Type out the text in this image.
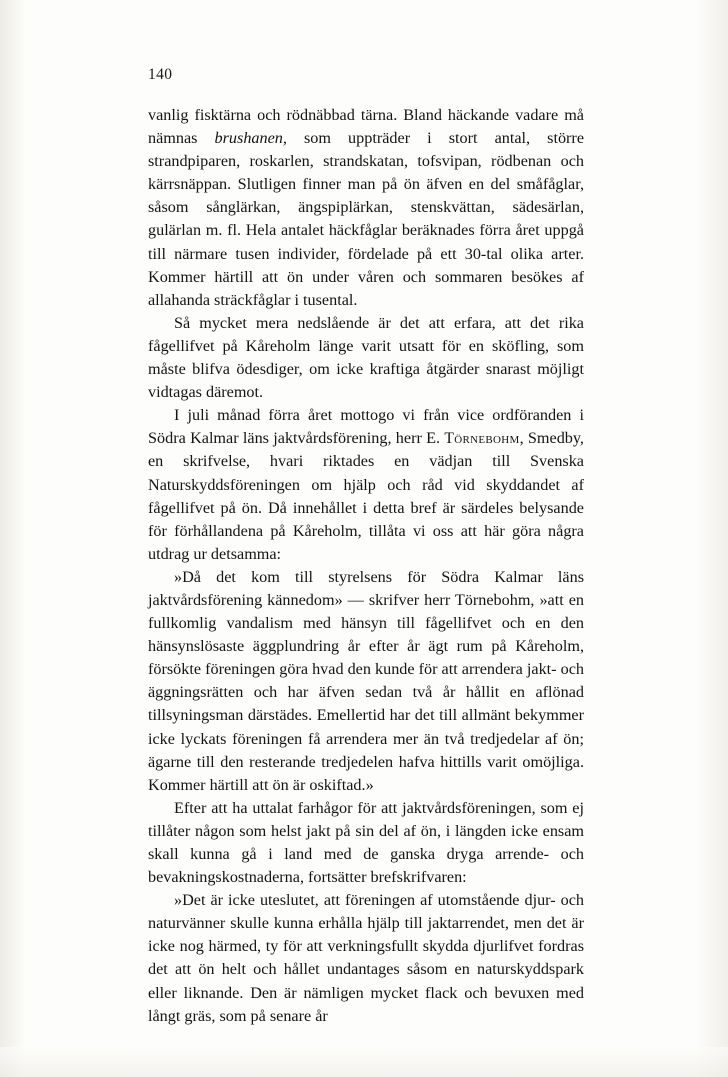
140

vanlig fisktärna och rödnäbbad tärna. Bland häckande vadare må nämnas brushanen, som uppträder i stort antal, större strandpiparen, roskarlen, strandskatan, tofsvipan, rödbenan och kärrsnäppan. Slutligen finner man på ön äfven en del småfåglar, såsom sånglärkan, ängspiplärkan, stenskvättan, sädesärlan, gulärlan m. fl. Hela antalet häckfåglar beräknades förra året uppgå till närmare tusen individer, fördelade på ett 30-tal olika arter. Kommer härtill att ön under våren och sommaren besökes af allahanda sträckfåglar i tusental.

Så mycket mera nedslående är det att erfara, att det rika fågellifvet på Kåreholm länge varit utsatt för en sköfling, som måste blifva ödesdiger, om icke kraftiga åtgärder snarast möjligt vidtagas däremot.

I juli månad förra året mottogo vi från vice ordföranden i Södra Kalmar läns jaktvårdsförening, herr E. Törnebohm, Smedby, en skrifvelse, hvari riktades en vädjan till Svenska Naturskyddsföreningen om hjälp och råd vid skyddandet af fågellifvet på ön. Då innehållet i detta bref är särdeles belysande för förhållandena på Kåreholm, tillåta vi oss att här göra några utdrag ur detsamma:

»Då det kom till styrelsens för Södra Kalmar läns jaktvårdsförening kännedom» — skrifver herr Törnebohm, »att en fullkomlig vandalism med hänsyn till fågellifvet och en den hänsynslösaste äggplundring år efter år ägt rum på Kåreholm, försökte föreningen göra hvad den kunde för att arrendera jakt- och äggningsrätten och har äfven sedan två år hållit en aflönad tillsyningsman därstädes. Emellertid har det till allmänt bekymmer icke lyckats föreningen få arrendera mer än två tredjedelar af ön; ägarne till den resterande tredjedelen hafva hittills varit omöjliga. Kommer härtill att ön är oskiftad.»

Efter att ha uttalat farhågor för att jaktvårdsföreningen, som ej tillåter någon som helst jakt på sin del af ön, i längden icke ensam skall kunna gå i land med de ganska dryga arrende- och bevakningskostnaderna, fortsätter brefskrifvaren:

»Det är icke uteslutet, att föreningen af utomstående djur- och naturvänner skulle kunna erhålla hjälp till jaktarrendet, men det är icke nog härmed, ty för att verkningsfullt skydda djurlifvet fordras det att ön helt och hållet undantages såsom en naturskyddspark eller liknande. Den är nämligen mycket flack och bevuxen med långt gräs, som på senare år
